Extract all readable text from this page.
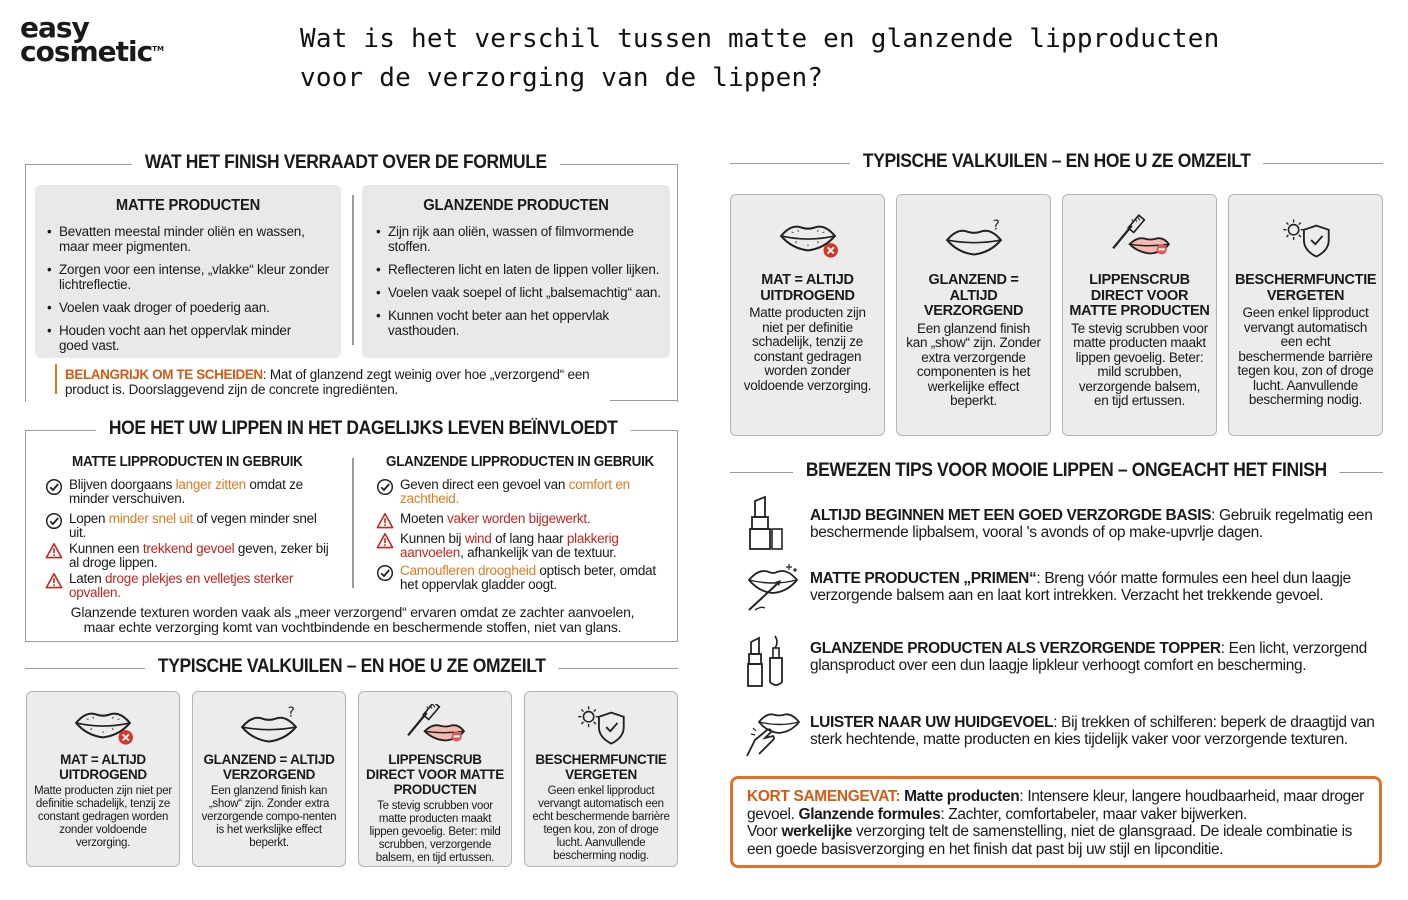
easy
cosmetic™	Wat is het verschil tussen matte en glanzende lipproducten
voor de verzorging van de lippen?
WAT HET FINISH VERRAADT OVER DE FORMULE
MATTE PRODUCTEN
• Bevatten meestal minder oliën en wassen, maar meer pigmenten.
• Zorgen voor een intense, „vlakke“ kleur zonder lichtreflectie.
• Voelen vaak droger of poederig aan.
• Houden vocht aan het oppervlak minder goed vast.
GLANZENDE PRODUCTEN
• Zijn rijk aan oliën, wassen of filmvormende stoffen.
• Reflecteren licht en laten de lippen voller lijken.
• Voelen vaak soepel of licht „balsemachtig“ aan.
• Kunnen vocht beter aan het oppervlak vasthouden.
BELANGRIJK OM TE SCHEIDEN: Mat of glanzend zegt weinig over hoe „verzorgend“ een
product is. Doorslaggevend zijn de concrete ingrediënten.
HOE HET UW LIPPEN IN HET DAGELIJKS LEVEN BEÏNVLOEDT
MATTE LIPPRODUCTEN IN GEBRUIK	GLANZENDE LIPPRODUCTEN IN GEBRUIK
Blijven doorgaans langer zitten omdat ze minder verschuiven.
Lopen minder snel uit of vegen minder snel uit.
Kunnen een trekkend gevoel geven, zeker bij al droge lippen.
Laten droge plekjes en velletjes sterker opvallen.
Geven direct een gevoel van comfort en zachtheid.
Moeten vaker worden bijgewerkt.
Kunnen bij wind of lang haar plakkerig aanvoelen, afhankelijk van de textuur.
Camoufleren droogheid optisch beter, omdat het oppervlak gladder oogt.
Glanzende texturen worden vaak als „meer verzorgend“ ervaren omdat ze zachter aanvoelen,
maar echte verzorging komt van vochtbindende en beschermende stoffen, niet van glans.
TYPISCHE VALKUILEN – EN HOE U ZE OMZEILT
MAT = ALTIJD UITDROGEND
Matte producten zijn niet per definitie schadelijk, tenzij ze constant gedragen worden zonder voldoende verzorging.
?
GLANZEND = ALTIJD VERZORGEND
Een glanzend finish kan „show“ zijn. Zonder extra verzorgende compo-nenten is het werkslijke effect beperkt.
LIPPENSCRUB DIRECT VOOR MATTE PRODUCTEN
Te stevig scrubben voor matte producten maakt lippen gevoelig. Beter: mild scrubben, verzorgende balsem, en tijd ertussen.
BESCHERMFUNCTIE VERGETEN
Geen enkel lipproduct vervangt automatisch een echt beschermende barrière tegen kou, zon of droge lucht. Aanvullende bescherming nodig.
TYPISCHE VALKUILEN – EN HOE U ZE OMZEILT
MAT = ALTIJD UITDROGEND
Matte producten zijn niet per definitie schadelijk, tenzij ze constant gedragen worden zonder voldoende verzorging.
?
GLANZEND = ALTIJD VERZORGEND
Een glanzend finish kan „show“ zijn. Zonder extra verzorgende componenten is het werkelijke effect beperkt.
LIPPENSCRUB DIRECT VOOR MATTE PRODUCTEN
Te stevig scrubben voor matte producten maakt lippen gevoelig. Beter: mild scrubben, verzorgende balsem, en tijd ertussen.
BESCHERMFUNCTIE VERGETEN
Geen enkel lipproduct vervangt automatisch een echt beschermende barrière tegen kou, zon of droge lucht. Aanvullende bescherming nodig.
BEWEZEN TIPS VOOR MOOIE LIPPEN – ONGEACHT HET FINISH
ALTIJD BEGINNEN MET EEN GOED VERZORGDE BASIS: Gebruik regelmatig een beschermende lipbalsem, vooral 's avonds of op make-upvrlje dagen.
MATTE PRODUCTEN „PRIMEN“: Breng vóór matte formules een heel dun laagje verzorgende balsem aan en laat kort intrekken. Verzacht het trekkende gevoel.
GLANZENDE PRODUCTEN ALS VERZORGENDE TOPPER: Een licht, verzorgend glansproduct over een dun laagje lipkleur verhoogt comfort en bescherming.
LUISTER NAAR UW HUIDGEVOEL: Bij trekken of schilferen: beperk de draagtijd van sterk hechtende, matte producten en kies tijdelijk vaker voor verzorgende texturen.
KORT SAMENGEVAT: Matte producten: Intensere kleur, langere houdbaarheid, maar droger gevoel. Glanzende formules: Zachter, comfortabeler, maar vaker bijwerken.
Voor werkelijke verzorging telt de samenstelling, niet de glansgraad. De ideale combinatie is een goede basisverzorging en het finish dat past bij uw stijl en lipconditie.
